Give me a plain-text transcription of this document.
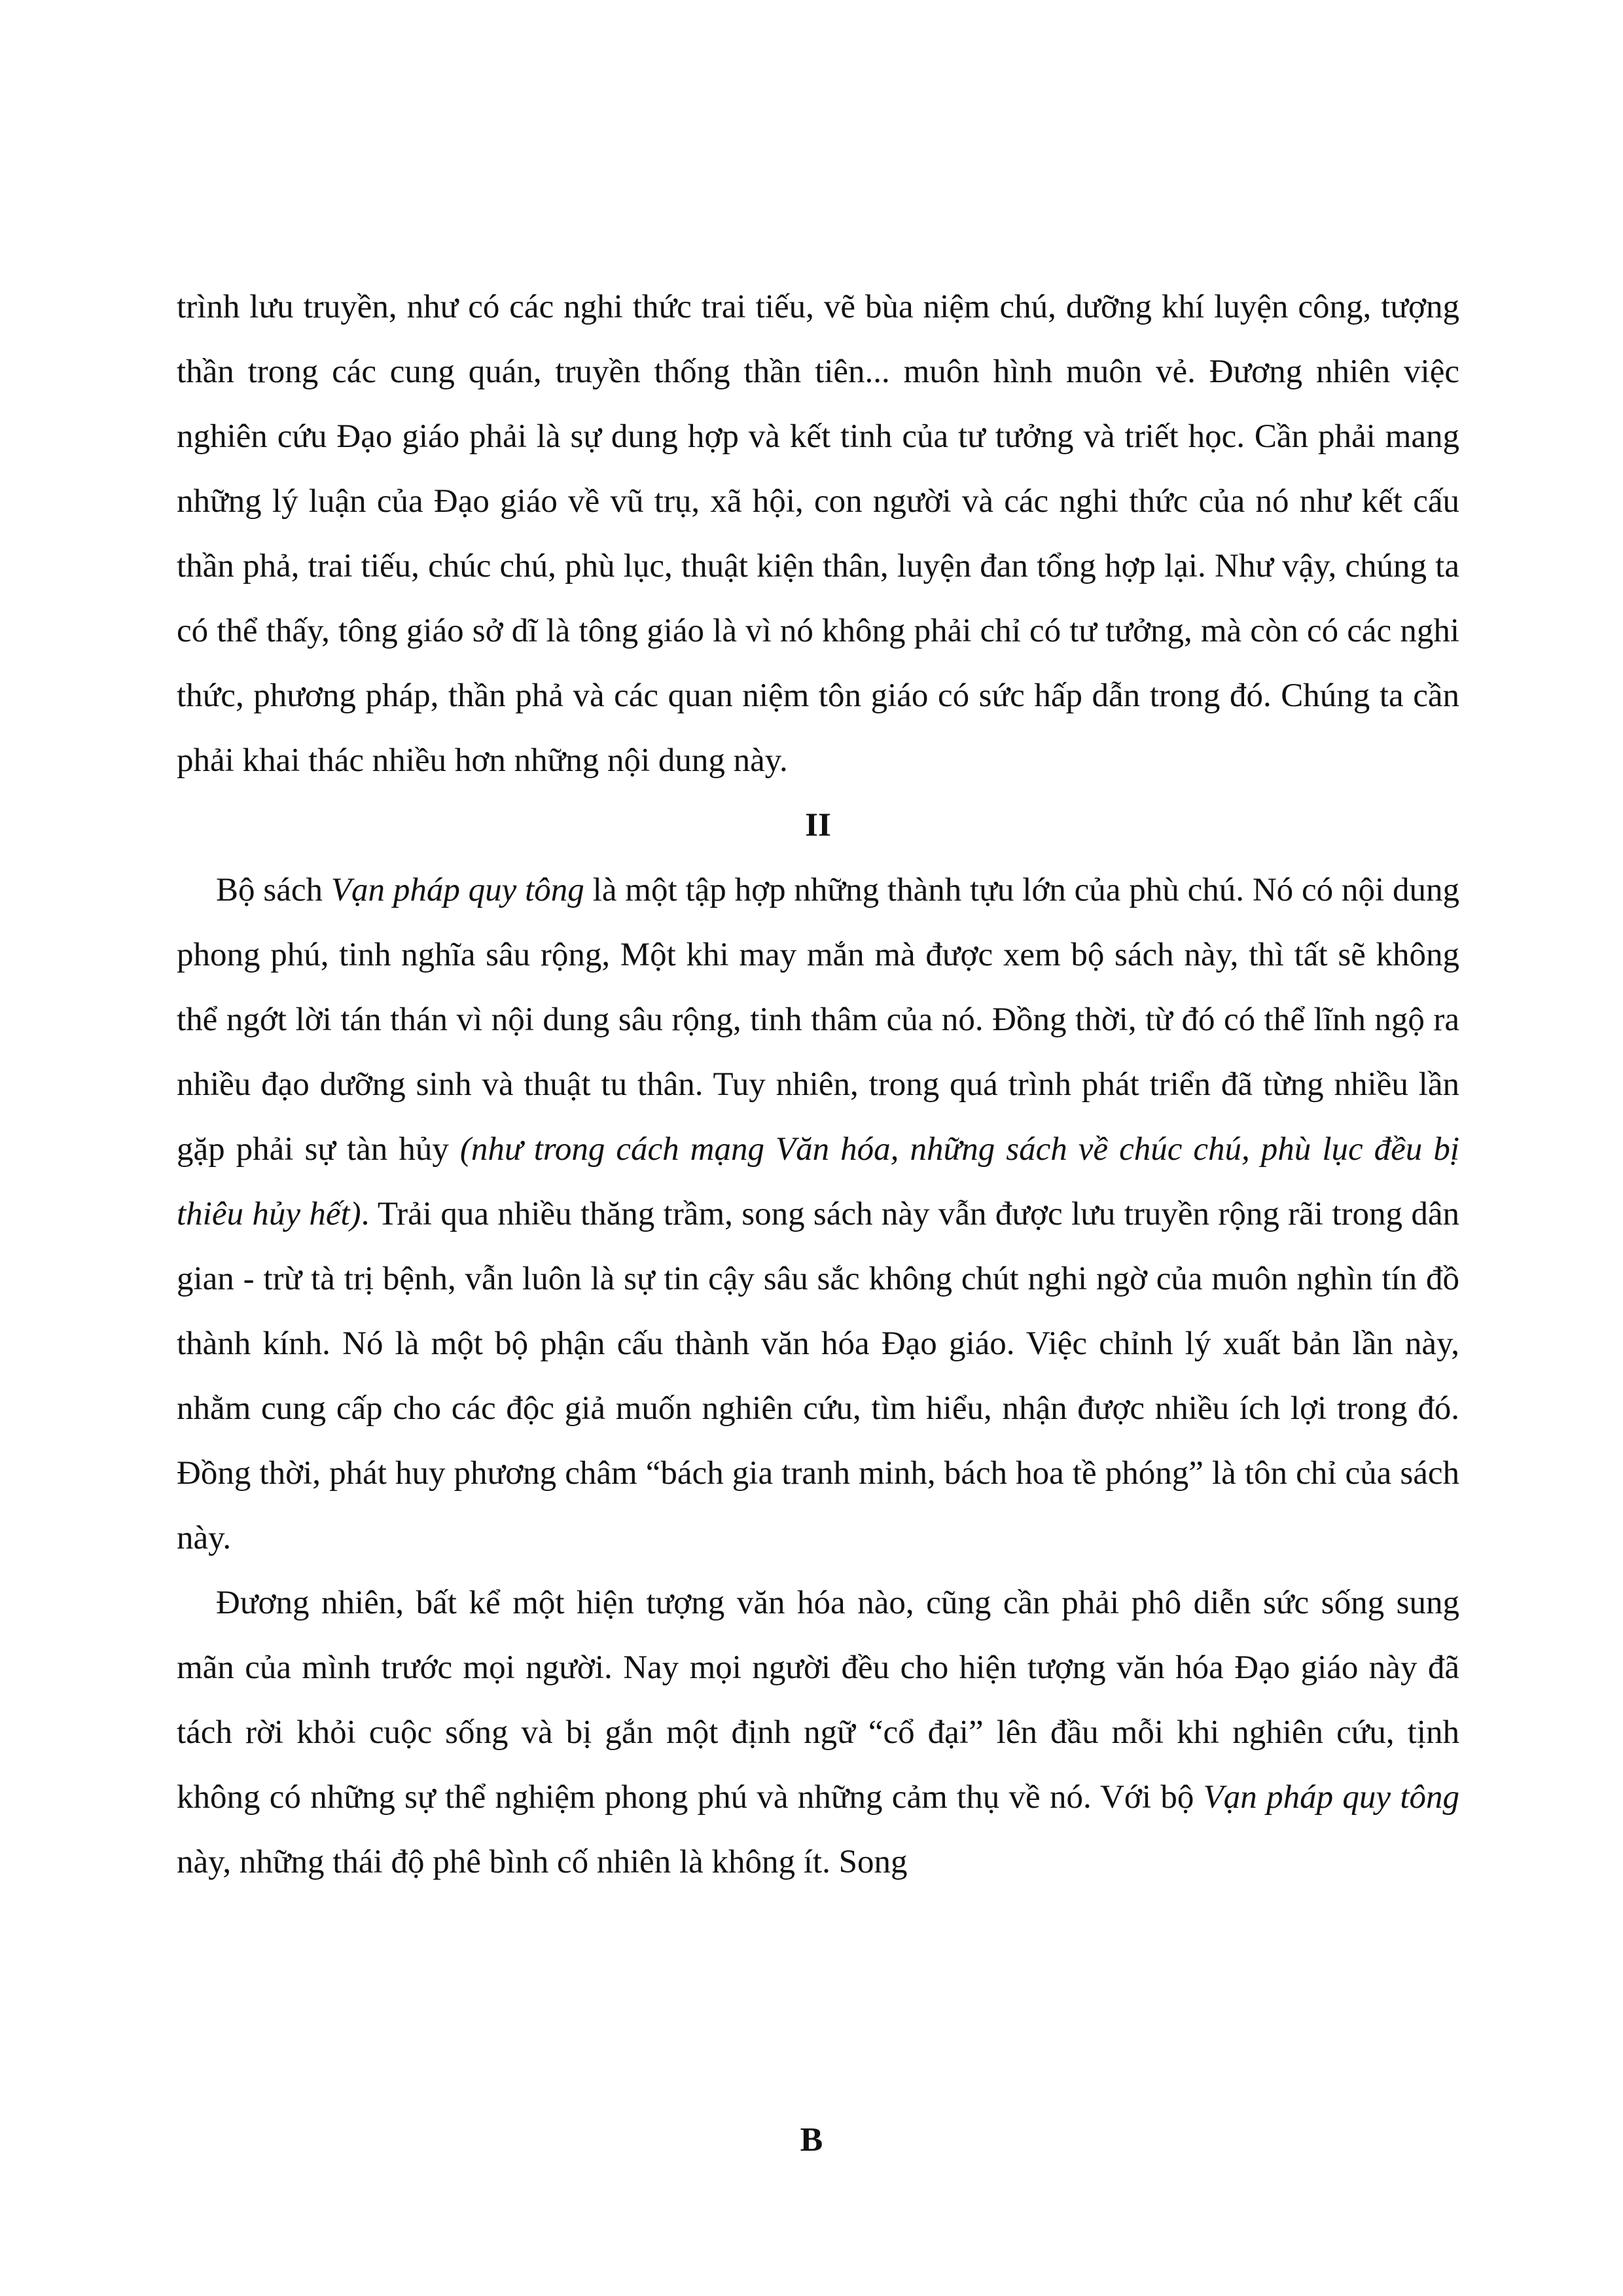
trình lưu truyền, như có các nghi thức trai tiếu, vẽ bùa niệm chú, dưỡng khí luyện công, tượng thần trong các cung quán, truyền thống thần tiên... muôn hình muôn vẻ. Đương nhiên việc nghiên cứu Đạo giáo phải là sự dung hợp và kết tinh của tư tưởng và triết học. Cần phải mang những lý luận của Đạo giáo về vũ trụ, xã hội, con người và các nghi thức của nó như kết cấu thần phả, trai tiếu, chúc chú, phù lục, thuật kiện thân, luyện đan tổng hợp lại. Như vậy, chúng ta có thể thấy, tông giáo sở dĩ là tông giáo là vì nó không phải chỉ có tư tưởng, mà còn có các nghi thức, phương pháp, thần phả và các quan niệm tôn giáo có sức hấp dẫn trong đó. Chúng ta cần phải khai thác nhiều hơn những nội dung này.

II

Bộ sách Vạn pháp quy tông là một tập hợp những thành tựu lớn của phù chú. Nó có nội dung phong phú, tinh nghĩa sâu rộng, Một khi may mắn mà được xem bộ sách này, thì tất sẽ không thể ngớt lời tán thán vì nội dung sâu rộng, tinh thâm của nó. Đồng thời, từ đó có thể lĩnh ngộ ra nhiều đạo dưỡng sinh và thuật tu thân. Tuy nhiên, trong quá trình phát triển đã từng nhiều lần gặp phải sự tàn hủy (như trong cách mạng Văn hóa, những sách về chúc chú, phù lục đều bị thiêu hủy hết). Trải qua nhiều thăng trầm, song sách này vẫn được lưu truyền rộng rãi trong dân gian - trừ tà trị bệnh, vẫn luôn là sự tin cậy sâu sắc không chút nghi ngờ của muôn nghìn tín đồ thành kính. Nó là một bộ phận cấu thành văn hóa Đạo giáo. Việc chỉnh lý xuất bản lần này, nhằm cung cấp cho các độc giả muốn nghiên cứu, tìm hiểu, nhận được nhiều ích lợi trong đó. Đồng thời, phát huy phương châm “bách gia tranh minh, bách hoa tề phóng” là tôn chỉ của sách này.

Đương nhiên, bất kể một hiện tượng văn hóa nào, cũng cần phải phô diễn sức sống sung mãn của mình trước mọi người. Nay mọi người đều cho hiện tượng văn hóa Đạo giáo này đã tách rời khỏi cuộc sống và bị gắn một định ngữ “cổ đại” lên đầu mỗi khi nghiên cứu, tịnh không có những sự thể nghiệm phong phú và những cảm thụ về nó. Với bộ Vạn pháp quy tông này, những thái độ phê bình cố nhiên là không ít. Song

B
